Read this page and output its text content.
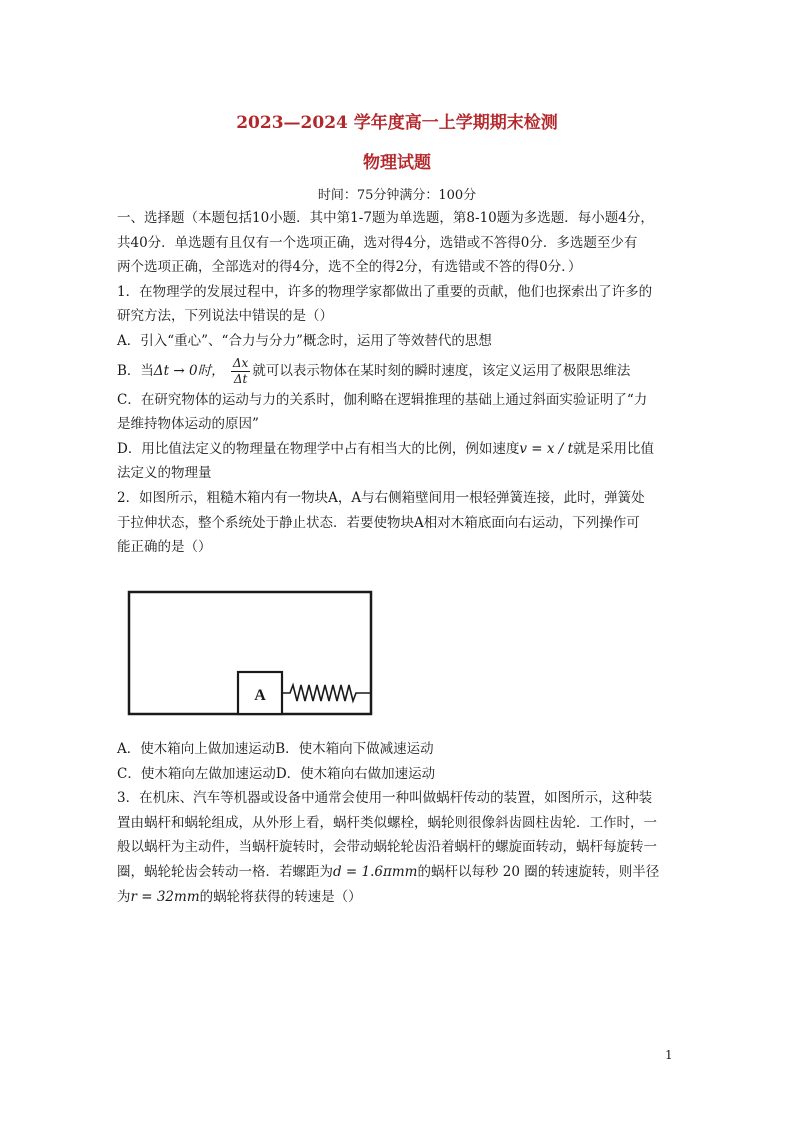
2023—2024 学年度高一上学期期末检测
物理试题
时间：75分钟满分：100分
一、选择题（本题包括10小题．其中第1-7题为单选题，第8-10题为多选题．每小题4分，
共40分．单选题有且仅有一个选项正确，选对得4分，选错或不答得0分．多选题至少有
两个选项正确，全部选对的得4分，选不全的得2分，有选错或不答的得0分．）
1．在物理学的发展过程中，许多的物理学家都做出了重要的贡献，他们也探索出了许多的
研究方法，下列说法中错误的是（）
A．引入“重心”、“合力与分力”概念时，运用了等效替代的思想
B．当Δt → 0时， $\frac{\Delta x}{\Delta t}$ 就可以表示物体在某时刻的瞬时速度，该定义运用了极限思维法
C．在研究物体的运动与力的关系时，伽利略在逻辑推理的基础上通过斜面实验证明了“力
是维持物体运动的原因”
D．用比值法定义的物理量在物理学中占有相当大的比例，例如速度v = x / t就是采用比值
法定义的物理量
2．如图所示，粗糙木箱内有一物块A，A与右侧箱壁间用一根轻弹簧连接，此时，弹簧处
于拉伸状态，整个系统处于静止状态．若要使物块A相对木箱底面向右运动，下列操作可
能正确的是（）
A
A．使木箱向上做加速运动B．使木箱向下做减速运动
C．使木箱向左做加速运动D．使木箱向右做加速运动
3．在机床、汽车等机器或设备中通常会使用一种叫做蜗杆传动的装置，如图所示，这种装
置由蜗杆和蜗轮组成，从外形上看，蜗杆类似螺栓，蜗轮则很像斜齿圆柱齿轮．工作时，一
般以蜗杆为主动件，当蜗杆旋转时，会带动蜗轮轮齿沿着蜗杆的螺旋面转动，蜗杆每旋转一
圈，蜗轮轮齿会转动一格．若螺距为d = 1.6πmm的蜗杆以每秒 20 圈的转速旋转，则半径
为r = 32mm的蜗轮将获得的转速是（）
1
